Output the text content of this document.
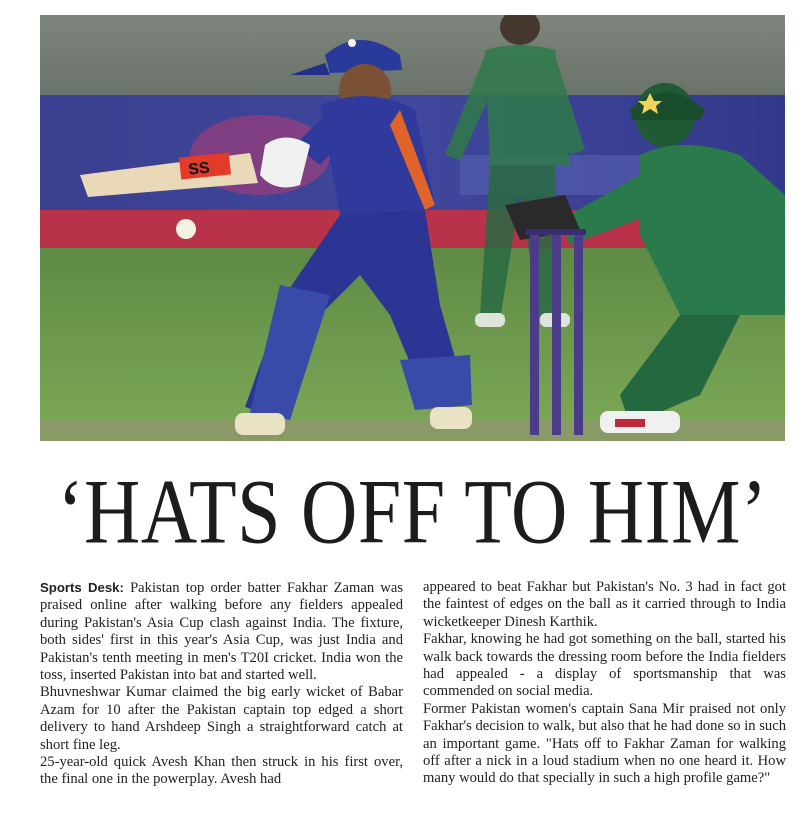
SS
‘HATS OFF TO HIM’

Sports Desk: Pakistan top order batter Fakhar Zaman was praised online after walking before any fielders appealed during Pakistan's Asia Cup clash against India. The fixture, both sides' first in this year's Asia Cup, was just India and Pakistan's tenth meeting in men's T20I cricket. India won the toss, inserted Pakistan into bat and started well.

Bhuvneshwar Kumar claimed the big early wicket of Babar Azam for 10 after the Pakistan captain top edged a short delivery to hand Arshdeep Singh a straightforward catch at short fine leg.

25-year-old quick Avesh Khan then struck in his first over, the final one in the powerplay. Avesh had

appeared to beat Fakhar but Pakistan's No. 3 had in fact got the faintest of edges on the ball as it carried through to India wicketkeeper Dinesh Karthik.

Fakhar, knowing he had got something on the ball, started his walk back towards the dressing room before the India fielders had appealed - a display of sportsmanship that was commended on social media.

Former Pakistan women's captain Sana Mir praised not only Fakhar's decision to walk, but also that he had done so in such an important game. "Hats off to Fakhar Zaman for walking off after a nick in a loud stadium when no one heard it. How many would do that specially in such a high profile game?"
